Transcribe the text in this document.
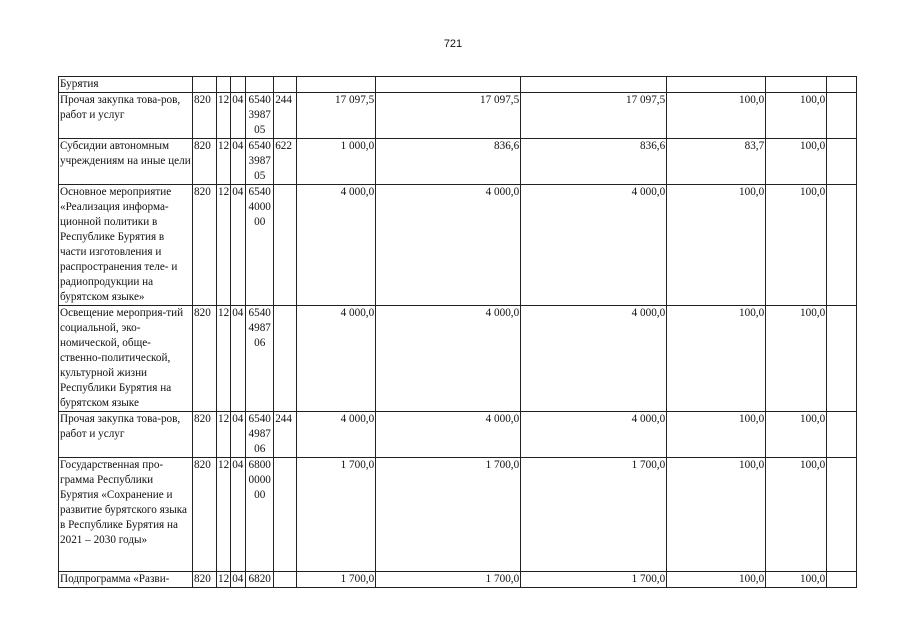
721
Бурятия											
Прочая закупка това-ров, работ и услуг	820	12	04	6540398705	244	17 097,5	17 097,5	17 097,5	100,0	100,0	
Субсидии автономным учреждениям на иные цели	820	12	04	6540398705	622	1 000,0	836,6	836,6	83,7	100,0	
Основное мероприятие «Реализация информа-ционной политики в Республике Бурятия в части изготовления и распространения теле- и радиопродукции на бурятском языке»	820	12	04	6540400000		4 000,0	4 000,0	4 000,0	100,0	100,0	
Освещение мероприя-тий социальной, эко-номической, обще-ственно-политической, культурной жизни Республики Бурятия на бурятском языке	820	12	04	6540498706		4 000,0	4 000,0	4 000,0	100,0	100,0	
Прочая закупка това-ров, работ и услуг	820	12	04	6540498706	244	4 000,0	4 000,0	4 000,0	100,0	100,0	
Государственная про-грамма Республики Бурятия «Сохранение и развитие бурятского языка в Республике Бурятия на 2021 – 2030 годы»	820	12	04	6800000000		1 700,0	1 700,0	1 700,0	100,0	100,0	
Подпрограмма «Разви-	820	12	04	6820		1 700,0	1 700,0	1 700,0	100,0	100,0	
